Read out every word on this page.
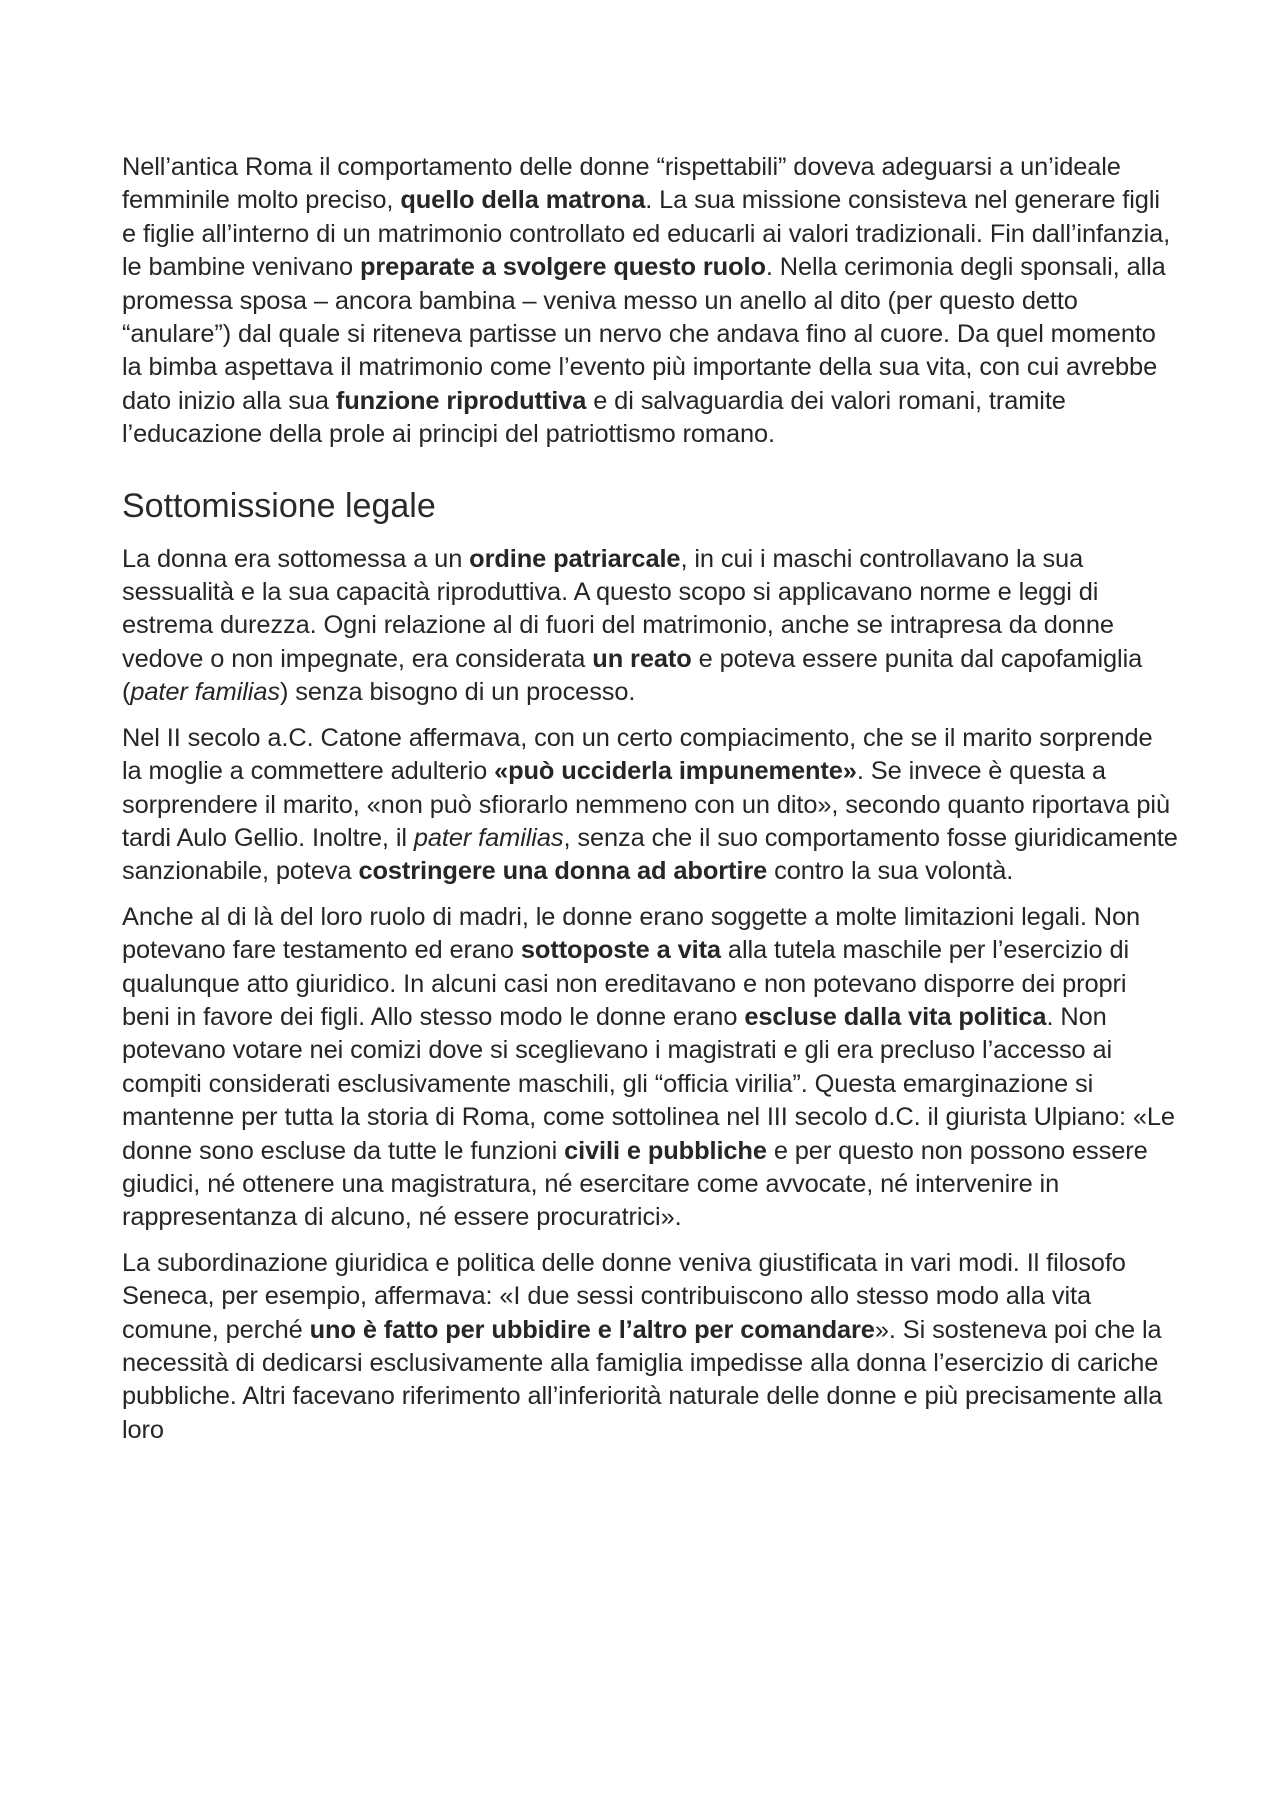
Nell’antica Roma il comportamento delle donne “rispettabili” doveva adeguarsi a un’ideale femminile molto preciso, quello della matrona. La sua missione consisteva nel generare figli e figlie all’interno di un matrimonio controllato ed educarli ai valori tradizionali. Fin dall’infanzia, le bambine venivano preparate a svolgere questo ruolo. Nella cerimonia degli sponsali, alla promessa sposa – ancora bambina – veniva messo un anello al dito (per questo detto “anulare”) dal quale si riteneva partisse un nervo che andava fino al cuore. Da quel momento la bimba aspettava il matrimonio come l’evento più importante della sua vita, con cui avrebbe dato inizio alla sua funzione riproduttiva e di salvaguardia dei valori romani, tramite l’educazione della prole ai principi del patriottismo romano.

Sottomissione legale

La donna era sottomessa a un ordine patriarcale, in cui i maschi controllavano la sua sessualità e la sua capacità riproduttiva. A questo scopo si applicavano norme e leggi di estrema durezza. Ogni relazione al di fuori del matrimonio, anche se intrapresa da donne vedove o non impegnate, era considerata un reato e poteva essere punita dal capofamiglia (pater familias) senza bisogno di un processo.

Nel II secolo a.C. Catone affermava, con un certo compiacimento, che se il marito sorprende la moglie a commettere adulterio «può ucciderla impunemente». Se invece è questa a sorprendere il marito, «non può sfiorarlo nemmeno con un dito», secondo quanto riportava più tardi Aulo Gellio. Inoltre, il pater familias, senza che il suo comportamento fosse giuridicamente sanzionabile, poteva costringere una donna ad abortire contro la sua volontà.

Anche al di là del loro ruolo di madri, le donne erano soggette a molte limitazioni legali. Non potevano fare testamento ed erano sottoposte a vita alla tutela maschile per l’esercizio di qualunque atto giuridico. In alcuni casi non ereditavano e non potevano disporre dei propri beni in favore dei figli. Allo stesso modo le donne erano escluse dalla vita politica. Non potevano votare nei comizi dove si sceglievano i magistrati e gli era precluso l’accesso ai compiti considerati esclusivamente maschili, gli “officia virilia”. Questa emarginazione si mantenne per tutta la storia di Roma, come sottolinea nel III secolo d.C. il giurista Ulpiano: «Le donne sono escluse da tutte le funzioni civili e pubbliche e per questo non possono essere giudici, né ottenere una magistratura, né esercitare come avvocate, né intervenire in rappresentanza di alcuno, né essere procuratrici».

La subordinazione giuridica e politica delle donne veniva giustificata in vari modi. Il filosofo Seneca, per esempio, affermava: «I due sessi contribuiscono allo stesso modo alla vita comune, perché uno è fatto per ubbidire e l’altro per comandare». Si sosteneva poi che la necessità di dedicarsi esclusivamente alla famiglia impedisse alla donna l’esercizio di cariche pubbliche. Altri facevano riferimento all’inferiorità naturale delle donne e più precisamente alla loro
